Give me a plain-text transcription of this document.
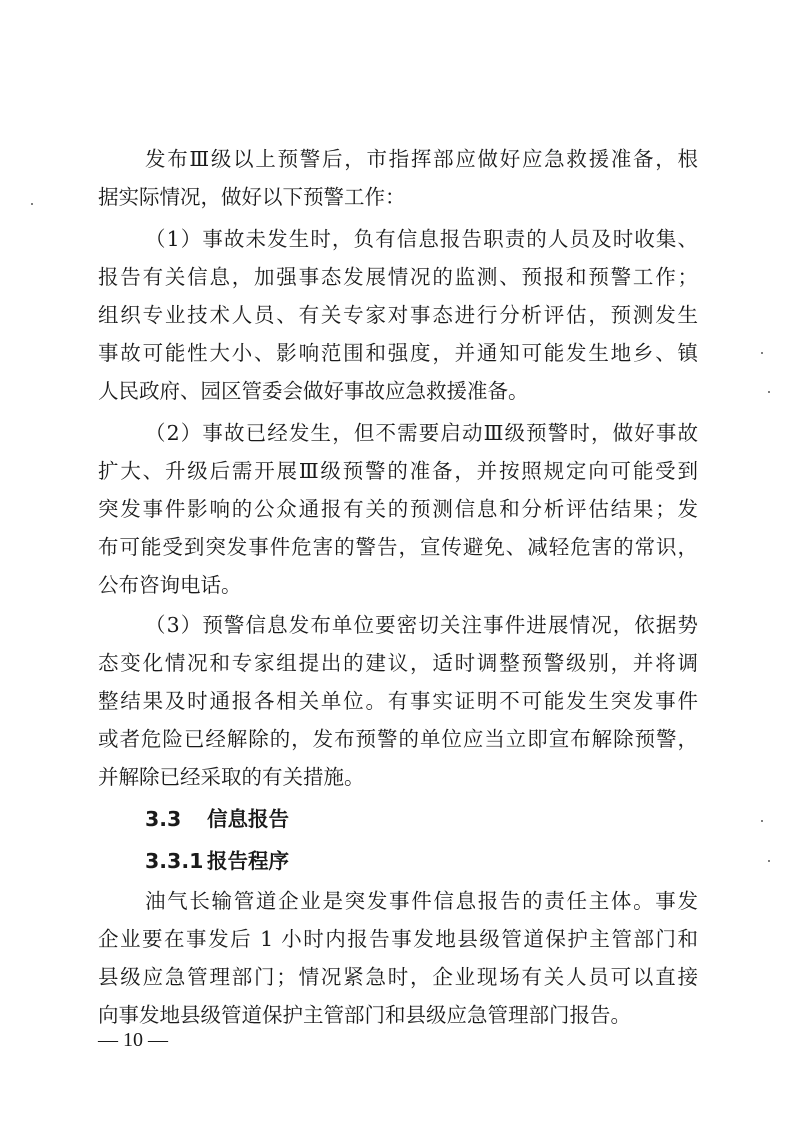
发布Ⅲ级以上预警后，市指挥部应做好应急救援准备，根
据实际情况，做好以下预警工作：
（1）事故未发生时，负有信息报告职责的人员及时收集、
报告有关信息，加强事态发展情况的监测、预报和预警工作；
组织专业技术人员、有关专家对事态进行分析评估，预测发生
事故可能性大小、影响范围和强度，并通知可能发生地乡、镇
人民政府、园区管委会做好事故应急救援准备。
（2）事故已经发生，但不需要启动Ⅲ级预警时，做好事故
扩大、升级后需开展Ⅲ级预警的准备，并按照规定向可能受到
突发事件影响的公众通报有关的预测信息和分析评估结果；发
布可能受到突发事件危害的警告，宣传避免、减轻危害的常识，
公布咨询电话。
（3）预警信息发布单位要密切关注事件进展情况，依据势
态变化情况和专家组提出的建议，适时调整预警级别，并将调
整结果及时通报各相关单位。有事实证明不可能发生突发事件
或者危险已经解除的，发布预警的单位应当立即宣布解除预警，
并解除已经采取的有关措施。
3.3 信息报告
3.3.1 报告程序
油气长输管道企业是突发事件信息报告的责任主体。事发
企业要在事发后 1 小时内报告事发地县级管道保护主管部门和
县级应急管理部门；情况紧急时，企业现场有关人员可以直接
向事发地县级管道保护主管部门和县级应急管理部门报告。
— 10 —
